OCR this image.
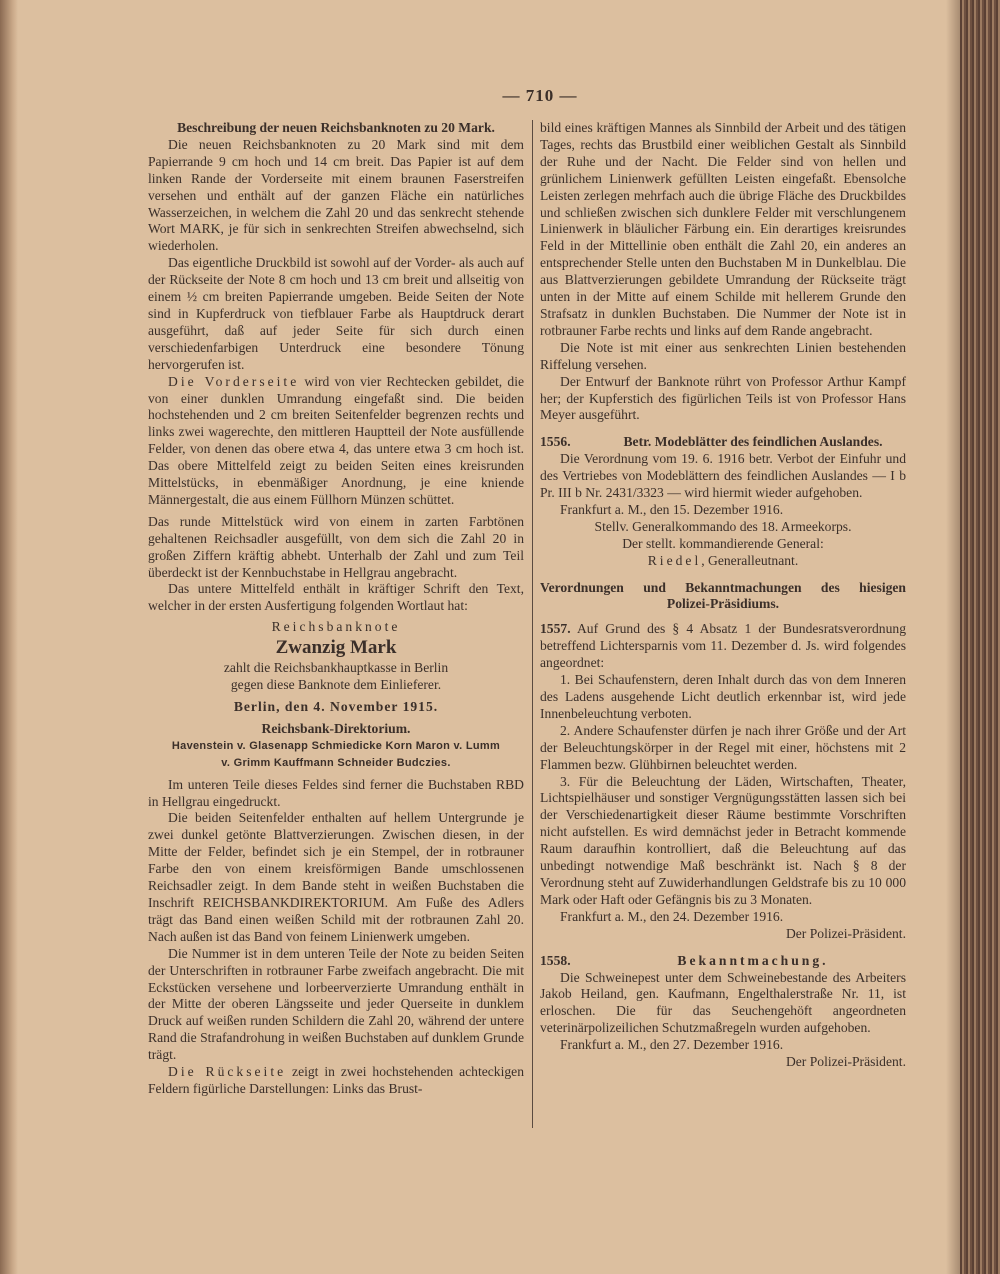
— 710 —

Beschreibung der neuen Reichsbanknoten zu 20 Mark.

Die neuen Reichsbanknoten zu 20 Mark sind mit dem Papierrande 9 cm hoch und 14 cm breit. Das Papier ist auf dem linken Rande der Vorderseite mit einem braunen Faserstreifen versehen und enthält auf der ganzen Fläche ein natürliches Wasserzeichen, in welchem die Zahl 20 und das senkrecht stehende Wort MARK, je für sich in senkrechten Streifen abwechselnd, sich wiederholen.

Das eigentliche Druckbild ist sowohl auf der Vorder- als auch auf der Rückseite der Note 8 cm hoch und 13 cm breit und allseitig von einem ½ cm breiten Papierrande umgeben. Beide Seiten der Note sind in Kupferdruck von tiefblauer Farbe als Hauptdruck derart ausgeführt, daß auf jeder Seite für sich durch einen verschiedenfarbigen Unterdruck eine besondere Tönung hervorgerufen ist.

Die Vorderseite wird von vier Rechtecken gebildet, die von einer dunklen Umrandung eingefaßt sind. Die beiden hochstehenden und 2 cm breiten Seitenfelder begrenzen rechts und links zwei wagerechte, den mittleren Hauptteil der Note ausfüllende Felder, von denen das obere etwa 4, das untere etwa 3 cm hoch ist. Das obere Mittelfeld zeigt zu beiden Seiten eines kreisrunden Mittelstücks, in ebenmäßiger Anordnung, je eine kniende Männergestalt, die aus einem Füllhorn Münzen schüttet.

Das runde Mittelstück wird von einem in zarten Farbtönen gehaltenen Reichsadler ausgefüllt, von dem sich die Zahl 20 in großen Ziffern kräftig abhebt. Unterhalb der Zahl und zum Teil überdeckt ist der Kennbuchstabe in Hellgrau angebracht.

Das untere Mittelfeld enthält in kräftiger Schrift den Text, welcher in der ersten Ausfertigung folgenden Wortlaut hat:

Reichsbanknote

Zwanzig Mark

zahlt die Reichsbankhauptkasse in Berlin

gegen diese Banknote dem Einlieferer.

Berlin, den 4. November 1915.

Reichsbank-Direktorium.

Havenstein v. Glasenapp Schmiedicke Korn Maron v. Lumm

v. Grimm Kauffmann Schneider Budczies.

Im unteren Teile dieses Feldes sind ferner die Buchstaben RBD in Hellgrau eingedruckt.

Die beiden Seitenfelder enthalten auf hellem Untergrunde je zwei dunkel getönte Blattverzierungen. Zwischen diesen, in der Mitte der Felder, befindet sich je ein Stempel, der in rotbrauner Farbe den von einem kreisförmigen Bande umschlossenen Reichsadler zeigt. In dem Bande steht in weißen Buchstaben die Inschrift REICHSBANKDIREKTORIUM. Am Fuße des Adlers trägt das Band einen weißen Schild mit der rotbraunen Zahl 20. Nach außen ist das Band von feinem Linienwerk umgeben.

Die Nummer ist in dem unteren Teile der Note zu beiden Seiten der Unterschriften in rotbrauner Farbe zweifach angebracht. Die mit Eckstücken versehene und lorbeerverzierte Umrandung enthält in der Mitte der oberen Längsseite und jeder Querseite in dunklem Druck auf weißen runden Schildern die Zahl 20, während der untere Rand die Strafandrohung in weißen Buchstaben auf dunklem Grunde trägt.

Die Rückseite zeigt in zwei hochstehenden achteckigen Feldern figürliche Darstellungen: Links das Brust-

bild eines kräftigen Mannes als Sinnbild der Arbeit und des tätigen Tages, rechts das Brustbild einer weiblichen Gestalt als Sinnbild der Ruhe und der Nacht. Die Felder sind von hellen und grünlichem Linienwerk gefüllten Leisten eingefaßt. Ebensolche Leisten zerlegen mehrfach auch die übrige Fläche des Druckbildes und schließen zwischen sich dunklere Felder mit verschlungenem Linienwerk in bläulicher Färbung ein. Ein derartiges kreisrundes Feld in der Mittellinie oben enthält die Zahl 20, ein anderes an entsprechender Stelle unten den Buchstaben M in Dunkelblau. Die aus Blattverzierungen gebildete Umrandung der Rückseite trägt unten in der Mitte auf einem Schilde mit hellerem Grunde den Strafsatz in dunklen Buchstaben. Die Nummer der Note ist in rotbrauner Farbe rechts und links auf dem Rande angebracht.

Die Note ist mit einer aus senkrechten Linien bestehenden Riffelung versehen.

Der Entwurf der Banknote rührt von Professor Arthur Kampf her; der Kupferstich des figürlichen Teils ist von Professor Hans Meyer ausgeführt.

1556.	Betr. Modeblätter des feindlichen Auslandes.

Die Verordnung vom 19. 6. 1916 betr. Verbot der Einfuhr und des Vertriebes von Modeblättern des feindlichen Auslandes — I b Pr. III b Nr. 2431/3323 — wird hiermit wieder aufgehoben.

Frankfurt a. M., den 15. Dezember 1916.

Stellv. Generalkommando des 18. Armeekorps.

Der stellt. kommandierende General:

Riedel, Generalleutnant.

Verordnungen und Bekanntmachungen des hiesigen

Polizei-Präsidiums.

1557. Auf Grund des § 4 Absatz 1 der Bundesratsverordnung betreffend Lichtersparnis vom 11. Dezember d. Js. wird folgendes angeordnet:

1. Bei Schaufenstern, deren Inhalt durch das von dem Inneren des Ladens ausgehende Licht deutlich erkennbar ist, wird jede Innenbeleuchtung verboten.

2. Andere Schaufenster dürfen je nach ihrer Größe und der Art der Beleuchtungskörper in der Regel mit einer, höchstens mit 2 Flammen bezw. Glühbirnen beleuchtet werden.

3. Für die Beleuchtung der Läden, Wirtschaften, Theater, Lichtspielhäuser und sonstiger Vergnügungsstätten lassen sich bei der Verschiedenartigkeit dieser Räume bestimmte Vorschriften nicht aufstellen. Es wird demnächst jeder in Betracht kommende Raum daraufhin kontrolliert, daß die Beleuchtung auf das unbedingt notwendige Maß beschränkt ist. Nach § 8 der Verordnung steht auf Zuwiderhandlungen Geldstrafe bis zu 10 000 Mark oder Haft oder Gefängnis bis zu 3 Monaten.

Frankfurt a. M., den 24. Dezember 1916.

Der Polizei-Präsident.

1558.	Bekanntmachung.

Die Schweinepest unter dem Schweinebestande des Arbeiters Jakob Heiland, gen. Kaufmann, Engelthalerstraße Nr. 11, ist erloschen. Die für das Seuchengehöft angeordneten veterinärpolizeilichen Schutzmaßregeln wurden aufgehoben.

Frankfurt a. M., den 27. Dezember 1916.

Der Polizei-Präsident.
